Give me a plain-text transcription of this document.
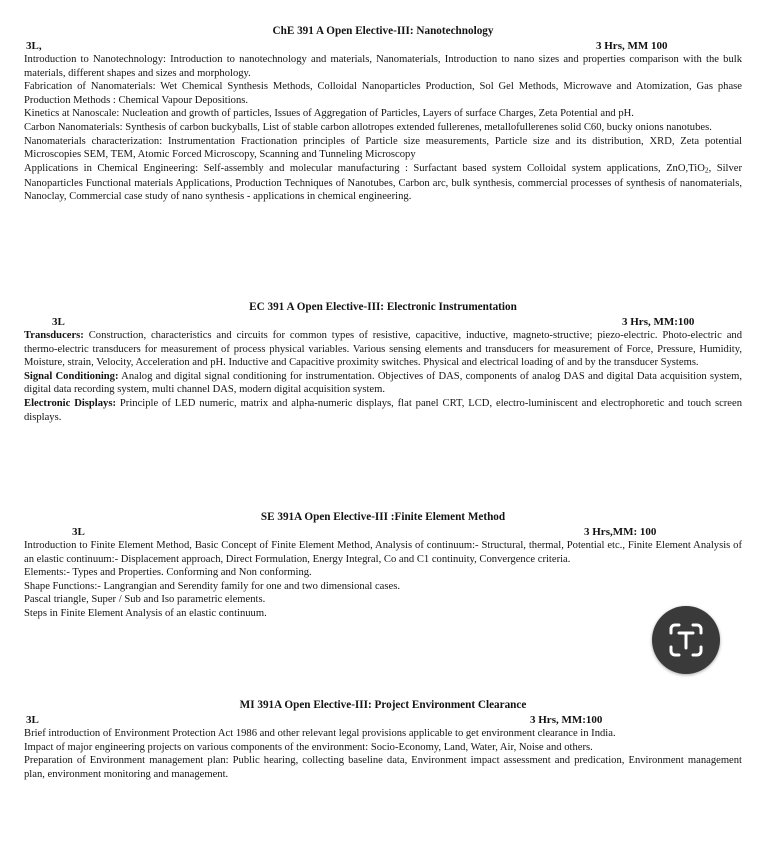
ChE 391 A Open Elective-III: Nanotechnology
3L,	3 Hrs, MM 100

Introduction to Nanotechnology: Introduction to nanotechnology and materials, Nanomaterials, Introduction to nano sizes and properties comparison with the bulk materials, different shapes and sizes and morphology.

Fabrication of Nanomaterials: Wet Chemical Synthesis Methods, Colloidal Nanoparticles Production, Sol Gel Methods, Microwave and Atomization, Gas phase Production Methods : Chemical Vapour Depositions.

Kinetics at Nanoscale: Nucleation and growth of particles, Issues of Aggregation of Particles, Layers of surface Charges, Zeta Potential and pH.

Carbon Nanomaterials: Synthesis of carbon buckyballs, List of stable carbon allotropes extended fullerenes, metallofullerenes solid C60, bucky onions nanotubes.

Nanomaterials characterization: Instrumentation Fractionation principles of Particle size measurements, Particle size and its distribution, XRD, Zeta potential Microscopies SEM, TEM, Atomic Forced Microscopy, Scanning and Tunneling Microscopy

Applications in Chemical Engineering: Self-assembly and molecular manufacturing : Surfactant based system Colloidal system applications, ZnO,TiO$_2$, Silver Nanoparticles Functional materials Applications, Production Techniques of Nanotubes, Carbon arc, bulk synthesis, commercial processes of synthesis of nanomaterials, Nanoclay, Commercial case study of nano synthesis - applications in chemical engineering.

EC 391 A Open Elective-III: Electronic Instrumentation
3L	3 Hrs, MM:100

Transducers: Construction, characteristics and circuits for common types of resistive, capacitive, inductive, magneto-structive; piezo-electric. Photo-electric and thermo-electric transducers for measurement of process physical variables. Various sensing elements and transducers for measurement of Force, Pressure, Humidity, Moisture, strain, Velocity, Acceleration and pH. Inductive and Capacitive proximity switches. Physical and electrical loading of and by the transducer Systems.

Signal Conditioning: Analog and digital signal conditioning for instrumentation. Objectives of DAS, components of analog DAS and digital Data acquisition system, digital data recording system, multi channel DAS, modern digital acquisition system.

Electronic Displays: Principle of LED numeric, matrix and alpha-numeric displays, flat panel CRT, LCD, electro-luminiscent and electrophoretic and touch screen displays.

SE 391A Open Elective-III :Finite Element Method
3L	3 Hrs,MM: 100

Introduction to Finite Element Method, Basic Concept of Finite Element Method, Analysis of continuum:- Structural, thermal, Potential etc., Finite Element Analysis of an elastic continuum:- Displacement approach, Direct Formulation, Energy Integral, Co and C1 continuity, Convergence criteria.

Elements:- Types and Properties. Conforming and Non conforming.

Shape Functions:- Langrangian and Serendity family for one and two dimensional cases.

Pascal triangle, Super / Sub and Iso parametric elements.

Steps in Finite Element Analysis of an elastic continuum.

MI 391A Open Elective-III: Project Environment Clearance
3L	3 Hrs, MM:100

Brief introduction of Environment Protection Act 1986 and other relevant legal provisions applicable to get environment clearance in India.

Impact of major engineering projects on various components of the environment: Socio-Economy, Land, Water, Air, Noise and others.

Preparation of Environment management plan: Public hearing, collecting baseline data, Environment impact assessment and predication, Environment management plan, environment monitoring and management.
